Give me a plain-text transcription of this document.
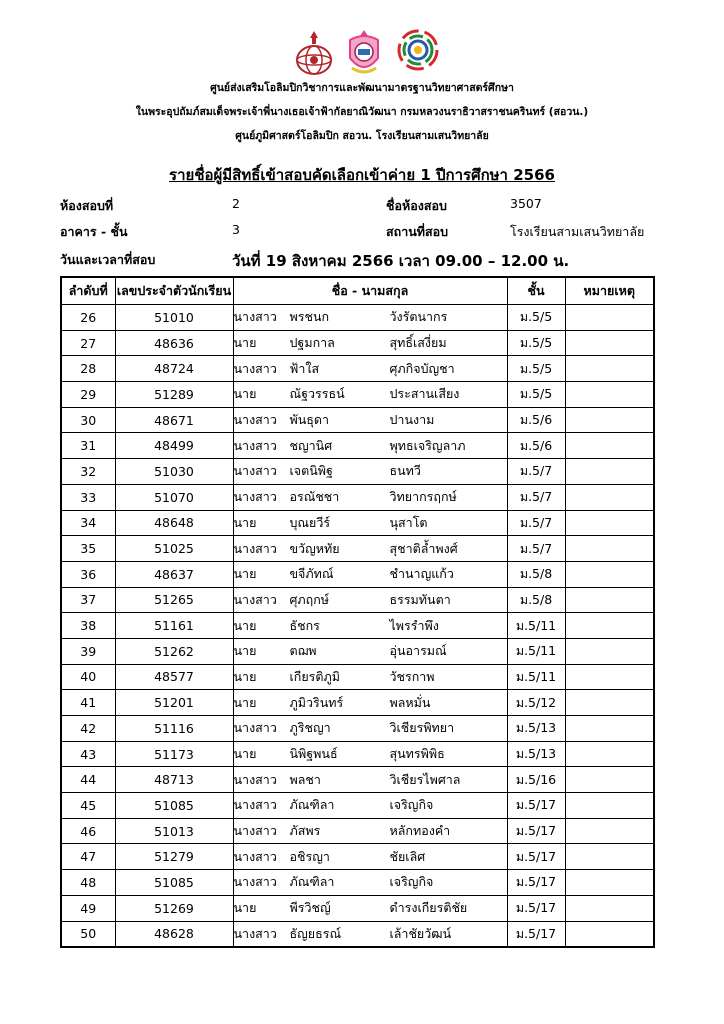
ศูนย์ส่งเสริมโอลิมปิกวิชาการและพัฒนามาตรฐานวิทยาศาสตร์ศึกษา
ในพระอุปถัมภ์สมเด็จพระเจ้าพี่นางเธอเจ้าฟ้ากัลยาณิวัฒนา กรมหลวงนราธิวาสราชนครินทร์ (สอวน.)
ศูนย์ภูมิศาสตร์โอลิมปิก สอวน. โรงเรียนสามเสนวิทยาลัย
รายชื่อผู้มีสิทธิ์เข้าสอบคัดเลือกเข้าค่าย 1 ปีการศึกษา 2566
ห้องสอบที่	2	ชื่อห้องสอบ	3507
อาคาร - ชั้น	3	สถานที่สอบ	โรงเรียนสามเสนวิทยาลัย
วันและเวลาที่สอบ	วันที่ 19 สิงหาคม 2566 เวลา 09.00 – 12.00 น.
ลำดับที่	เลขประจำตัวนักเรียน	ชื่อ - นามสกุล	ชั้น	หมายเหตุ
26	51010	นางสาว พรชนก วังรัตนากร	ม.5/5	
27	48636	นาย ปฐมกาล สุทธิ์เสงี่ยม	ม.5/5	
28	48724	นางสาว ฟ้าใส ศุภกิจบัญชา	ม.5/5	
29	51289	นาย ณัฐวรรธน์ ประสานเสียง	ม.5/5	
30	48671	นางสาว พันธุดา ปานงาม	ม.5/6	
31	48499	นางสาว ชญานิศ พุทธเจริญลาภ	ม.5/6	
32	51030	นางสาว เจตนิพิฐ ธนทวี	ม.5/7	
33	51070	นางสาว อรณัชชา วิทยากรฤกษ์	ม.5/7	
34	48648	นาย บุณยวีร์ นุสาโต	ม.5/7	
35	51025	นางสาว ขวัญหทัย สุชาติล้ำพงศ์	ม.5/7	
36	48637	นาย ขจีภัทณ์ ชำนาญแก้ว	ม.5/8	
37	51265	นางสาว ศุภฤกษ์ ธรรมทันตา	ม.5/8	
38	51161	นาย ธัชกร ไพรรำพึง	ม.5/11	
39	51262	นาย ตฌพ อุ่นอารมณ์	ม.5/11	
40	48577	นาย เกียรติภูมิ วัชรกาพ	ม.5/11	
41	51201	นาย ภูมิวรินทร์ พลหมั่น	ม.5/12	
42	51116	นางสาว ภูริชญา วิเชียรพิทยา	ม.5/13	
43	51173	นาย นิพิฐพนธ์ สุนทรพิพิธ	ม.5/13	
44	48713	นางสาว พลชา วิเชียรไพศาล	ม.5/16	
45	51085	นางสาว ภัณฑิลา เจริญกิจ	ม.5/17	
46	51013	นางสาว ภัสพร หลักทองคำ	ม.5/17	
47	51279	นางสาว อชิรญา ชัยเลิศ	ม.5/17	
48	51085	นางสาว ภัณฑิลา เจริญกิจ	ม.5/17	
49	51269	นาย พีรวิชญ์ ดำรงเกียรติชัย	ม.5/17	
50	48628	นางสาว ธัญยธรณ์ เล้าชัยวัฒน์	ม.5/17	
